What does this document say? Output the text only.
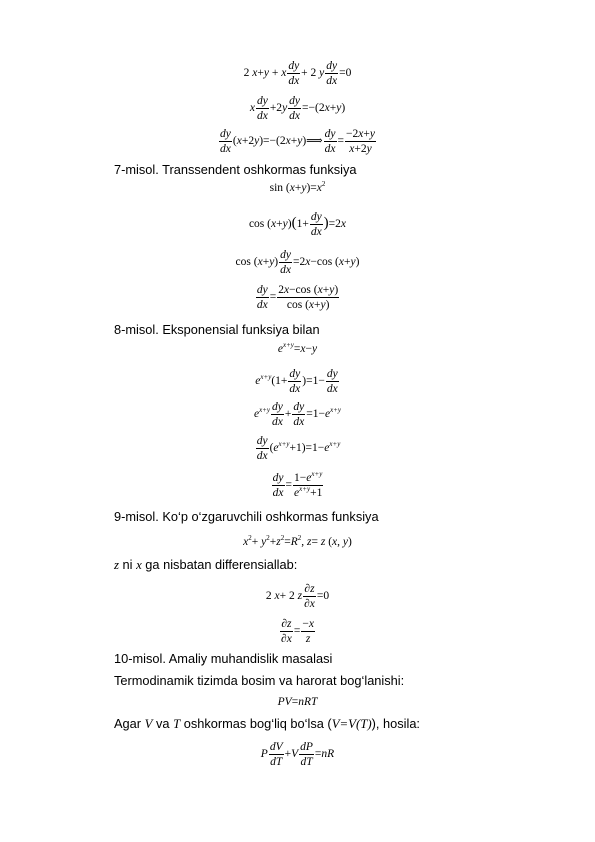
2 x+y + x $\frac{dy}{dx} + 2$ y $\frac{dy}{dx} =0$
x $\frac{dy}{dx} +2y \frac{dy}{dx} =-(2x+y)$
$\frac{dy}{dx}$ (x+2y)=−(2x+y)⟹ $\frac{dy}{dx} = \frac{-2x+y}{x+2y}$
7-misol. Transsendent oshkormas funksiya
$\sin (x+y)=x^2$
$\cos (x+y)(1+ \frac{dy}{dx} )=2x$
$\cos (x+y) \frac{dy}{dx} =2x-\cos$ (x+y)
$\frac{dy}{dx} = \frac{2x-\cos (x+y)}{\cos (x+y)}$
8-misol. Eksponensial funksiya bilan
$e^{x+y}=x-y$
$e^{x+y}(1+ \frac{dy}{dx} )=1- \frac{dy}{dx}$
$e^{x+y} \frac{dy}{dx} + \frac{dy}{dx} =1-e^{x+y}$
$\frac{dy}{dx} (e^{x+y}+1)=1-e^{x+y}$
$\frac{dy}{dx} = \frac{1-e^{x+y}}{e^{x+y}+1}$
9-misol. Ko‘p o‘zgaruvchili oshkormas funksiya
$x^2+ y^2+z^2=R^2$, z= z (x, y)
z ni x ga nisbatan differensiallab:
2 x+ 2 z $\frac{\partial z}{\partial x} =0$
$\frac{\partial z}{\partial x} = \frac{-x}{z}$
10-misol. Amaliy muhandislik masalasi
Termodinamik tizimda bosim va harorat bog‘lanishi:
PV=nRT
Agar V va T oshkormas bog‘liq bo‘lsa (V=V(T)), hosila:
P $\frac{dV}{dT} +V \frac{dP}{dT} =nR$
